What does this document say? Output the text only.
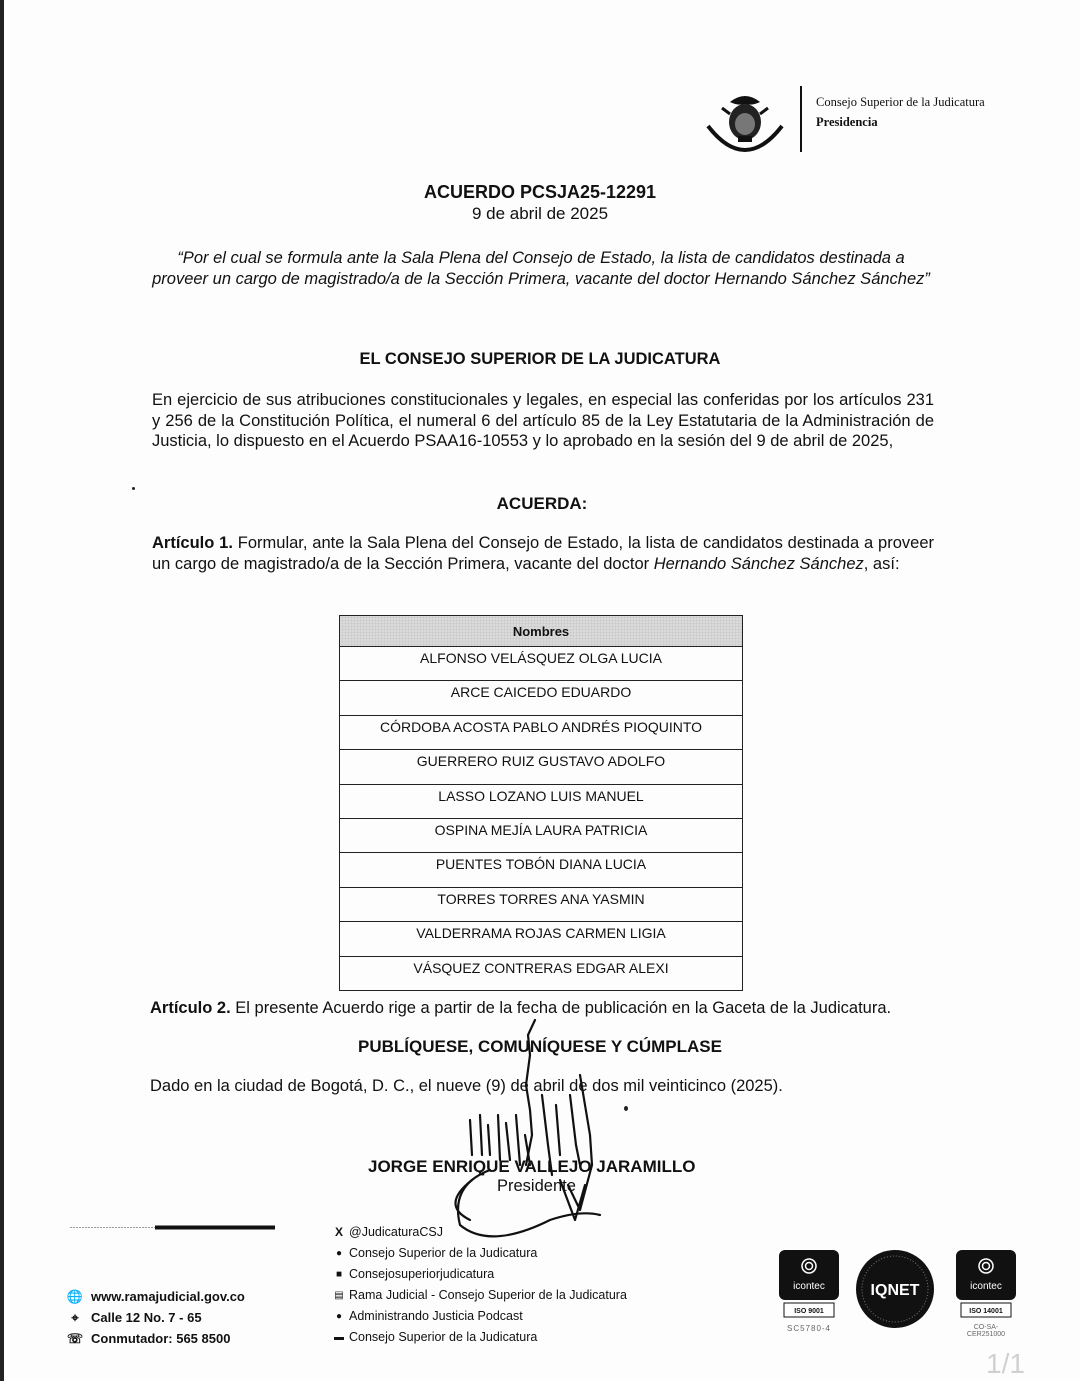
Consejo Superior de la Judicatura
Presidencia
ACUERDO PCSJA25-12291
9 de abril de 2025
“Por el cual se formula ante la Sala Plena del Consejo de Estado, la lista de candidatos destinada a proveer un cargo de magistrado/a de la Sección Primera, vacante del doctor Hernando Sánchez Sánchez”
EL CONSEJO SUPERIOR DE LA JUDICATURA
En ejercicio de sus atribuciones constitucionales y legales, en especial las conferidas por los artículos 231 y 256 de la Constitución Política, el numeral 6 del artículo 85 de la Ley Estatutaria de la Administración de Justicia, lo dispuesto en el Acuerdo PSAA16-10553 y lo aprobado en la sesión del 9 de abril de 2025,
ACUERDA:
Artículo 1. Formular, ante la Sala Plena del Consejo de Estado, la lista de candidatos destinada a proveer un cargo de magistrado/a de la Sección Primera, vacante del doctor Hernando Sánchez Sánchez, así:
Nombres
ALFONSO VELÁSQUEZ OLGA LUCIA
ARCE CAICEDO EDUARDO
CÓRDOBA ACOSTA PABLO ANDRÉS PIOQUINTO
GUERRERO RUIZ GUSTAVO ADOLFO
LASSO LOZANO LUIS MANUEL
OSPINA MEJÍA LAURA PATRICIA
PUENTES TOBÓN DIANA LUCIA
TORRES TORRES ANA YASMIN
VALDERRAMA ROJAS CARMEN LIGIA
VÁSQUEZ CONTRERAS EDGAR ALEXI
Artículo 2. El presente Acuerdo rige a partir de la fecha de publicación en la Gaceta de la Judicatura.
PUBLÍQUESE, COMUNÍQUESE Y CÚMPLASE
Dado en la ciudad de Bogotá, D. C., el nueve (9) de abril de dos mil veinticinco (2025).
JORGE ENRIQUE VALLEJO JARAMILLO
Presidente
🌐 www.ramajudicial.gov.co
⌖ Calle 12 No. 7 - 65
☏ Conmutador: 565 8500
X @JudicaturaCSJ
● Consejo Superior de la Judicatura
■ Consejosuperiorjudicatura
▤ Rama Judicial - Consejo Superior de la Judicatura
● Administrando Justicia Podcast
▬ Consejo Superior de la Judicatura
icontec
ISO 9001
SC5780-4
IQNET	icontec
ISO 14001
CO-SA-CER251000
1/1
